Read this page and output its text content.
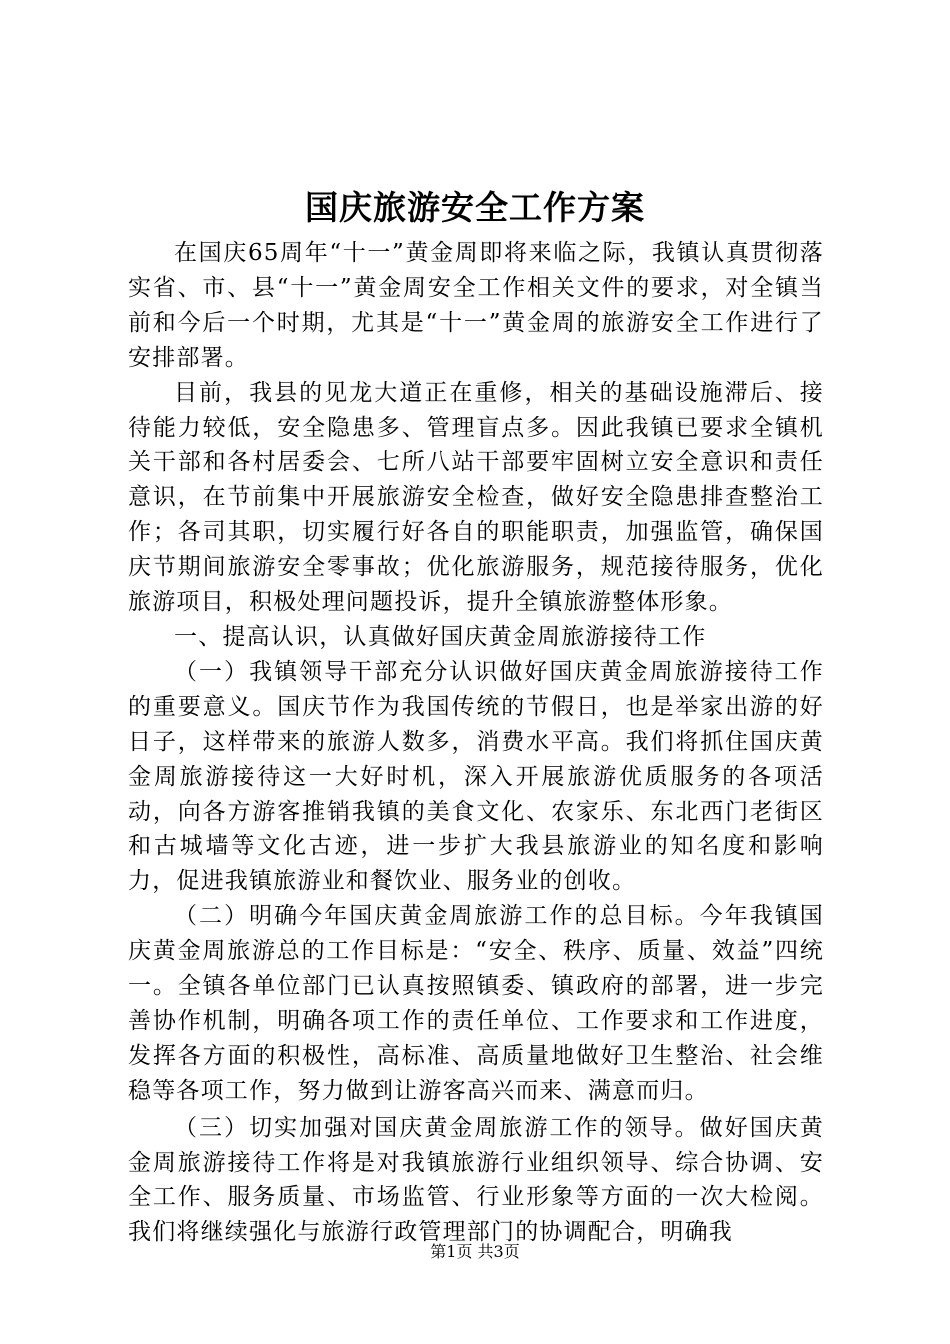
国庆旅游安全工作方案

在国庆65周年“十一”黄金周即将来临之际，我镇认真贯彻落实省、市、县“十一”黄金周安全工作相关文件的要求，对全镇当前和今后一个时期，尤其是“十一”黄金周的旅游安全工作进行了安排部署。

目前，我县的见龙大道正在重修，相关的基础设施滞后、接待能力较低，安全隐患多、管理盲点多。因此我镇已要求全镇机关干部和各村居委会、七所八站干部要牢固树立安全意识和责任意识，在节前集中开展旅游安全检查，做好安全隐患排查整治工作；各司其职，切实履行好各自的职能职责，加强监管，确保国庆节期间旅游安全零事故；优化旅游服务，规范接待服务，优化旅游项目，积极处理问题投诉，提升全镇旅游整体形象。

一、提高认识，认真做好国庆黄金周旅游接待工作

（一）我镇领导干部充分认识做好国庆黄金周旅游接待工作的重要意义。国庆节作为我国传统的节假日，也是举家出游的好日子，这样带来的旅游人数多，消费水平高。我们将抓住国庆黄金周旅游接待这一大好时机，深入开展旅游优质服务的各项活动，向各方游客推销我镇的美食文化、农家乐、东北西门老街区和古城墙等文化古迹，进一步扩大我县旅游业的知名度和影响力，促进我镇旅游业和餐饮业、服务业的创收。

（二）明确今年国庆黄金周旅游工作的总目标。今年我镇国庆黄金周旅游总的工作目标是：“安全、秩序、质量、效益”四统一。全镇各单位部门已认真按照镇委、镇政府的部署，进一步完善协作机制，明确各项工作的责任单位、工作要求和工作进度，发挥各方面的积极性，高标准、高质量地做好卫生整治、社会维稳等各项工作，努力做到让游客高兴而来、满意而归。

（三）切实加强对国庆黄金周旅游工作的领导。做好国庆黄金周旅游接待工作将是对我镇旅游行业组织领导、综合协调、安全工作、服务质量、市场监管、行业形象等方面的一次大检阅。我们将继续强化与旅游行政管理部门的协调配合，明确我

第1页 共3页
